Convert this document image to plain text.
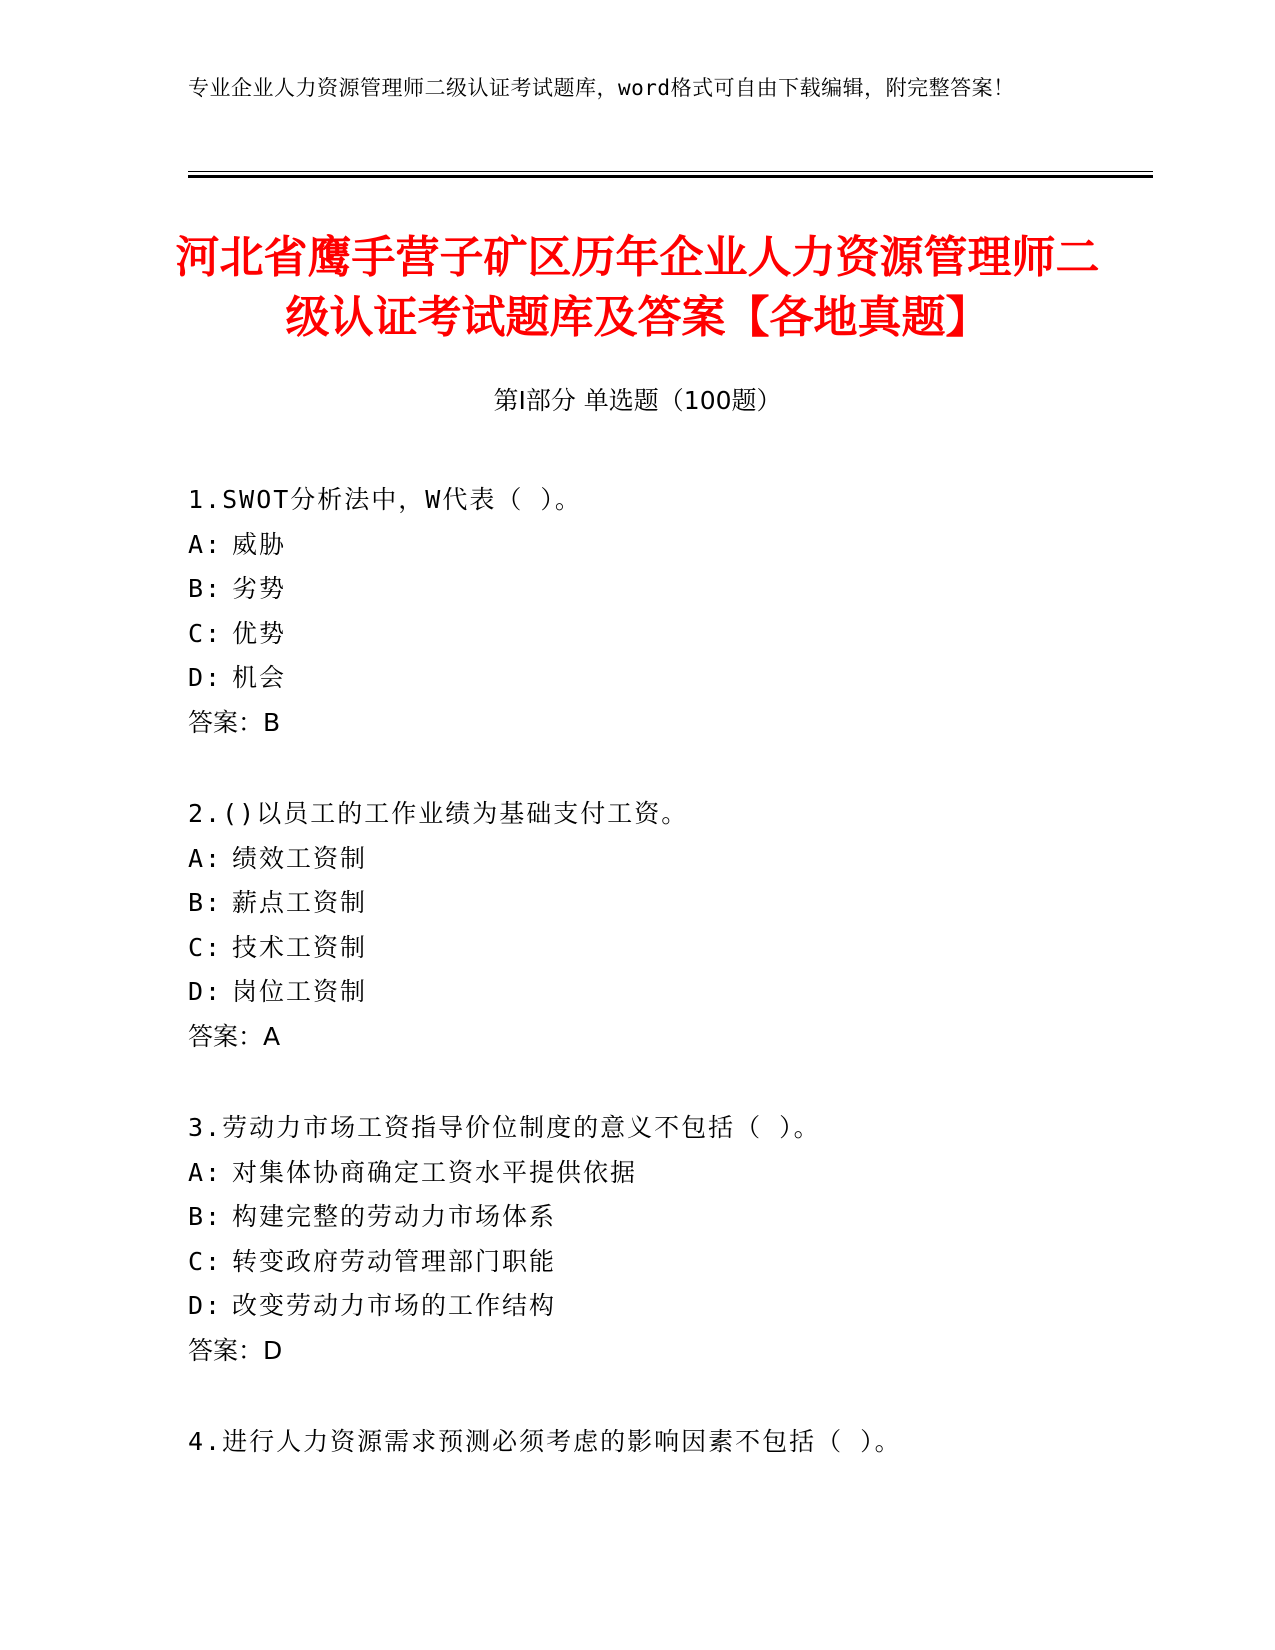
专业企业人力资源管理师二级认证考试题库，word格式可自由下载编辑，附完整答案！
河北省鹰手营子矿区历年企业人力资源管理师二级认证考试题库及答案【各地真题】
第Ⅰ部分 单选题（100题）
1.SWOT分析法中，W代表（ ）。
A: 威胁
B: 劣势
C: 优势
D: 机会
答案：B
2.()以员工的工作业绩为基础支付工资。
A: 绩效工资制
B: 薪点工资制
C: 技术工资制
D: 岗位工资制
答案：A
3.劳动力市场工资指导价位制度的意义不包括（ ）。
A: 对集体协商确定工资水平提供依据
B: 构建完整的劳动力市场体系
C: 转变政府劳动管理部门职能
D: 改变劳动力市场的工作结构
答案：D
4.进行人力资源需求预测必须考虑的影响因素不包括（ ）。
